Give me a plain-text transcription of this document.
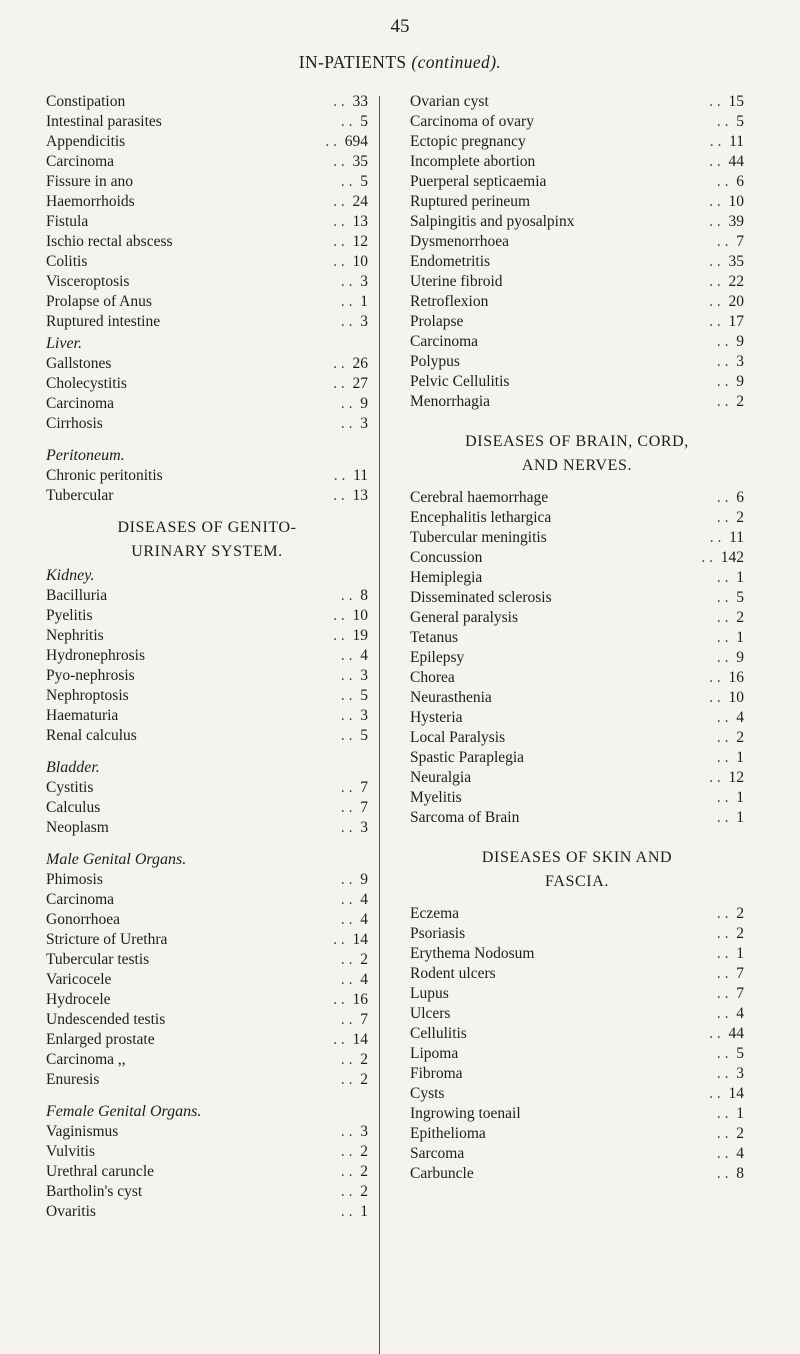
45
IN-PATIENTS (continued).
Constipation	. . 33
Intestinal parasites	. . 5
Appendicitis	. . 694
Carcinoma	. . 35
Fissure in ano	. . 5
Haemorrhoids	. . 24
Fistula	. . 13
Ischio rectal abscess	. . 12
Colitis	. . 10
Visceroptosis	. . 3
Prolapse of Anus	. . 1
Ruptured intestine	. . 3
Liver.
Gallstones	. . 26
Cholecystitis	. . 27
Carcinoma	. . 9
Cirrhosis	. . 3
Peritoneum.
Chronic peritonitis	. . 11
Tubercular	. . 13
DISEASES OF GENITO-
URINARY SYSTEM.
Kidney.
Bacilluria	. . 8
Pyelitis	. . 10
Nephritis	. . 19
Hydronephrosis	. . 4
Pyo-nephrosis	. . 3
Nephroptosis	. . 5
Haematuria	. . 3
Renal calculus	. . 5
Bladder.
Cystitis	. . 7
Calculus	. . 7
Neoplasm	. . 3
Male Genital Organs.
Phimosis	. . 9
Carcinoma	. . 4
Gonorrhoea	. . 4
Stricture of Urethra	. . 14
Tubercular testis	. . 2
Varicocele	. . 4
Hydrocele	. . 16
Undescended testis	. . 7
Enlarged prostate	. . 14
Carcinoma ,,	. . 2
Enuresis	. . 2
Female Genital Organs.
Vaginismus	. . 3
Vulvitis	. . 2
Urethral caruncle	. . 2
Bartholin's cyst	. . 2
Ovaritis	. . 1
Ovarian cyst	. . 15
Carcinoma of ovary	. . 5
Ectopic pregnancy	. . 11
Incomplete abortion	. . 44
Puerperal septicaemia	. . 6
Ruptured perineum	. . 10
Salpingitis and pyosalpinx	. . 39
Dysmenorrhoea	. . 7
Endometritis	. . 35
Uterine fibroid	. . 22
Retroflexion	. . 20
Prolapse	. . 17
Carcinoma	. . 9
Polypus	. . 3
Pelvic Cellulitis	. . 9
Menorrhagia	. . 2
DISEASES OF BRAIN, CORD,
AND NERVES.
Cerebral haemorrhage	. . 6
Encephalitis lethargica	. . 2
Tubercular meningitis	. . 11
Concussion	. . 142
Hemiplegia	. . 1
Disseminated sclerosis	. . 5
General paralysis	. . 2
Tetanus	. . 1
Epilepsy	. . 9
Chorea	. . 16
Neurasthenia	. . 10
Hysteria	. . 4
Local Paralysis	. . 2
Spastic Paraplegia	. . 1
Neuralgia	. . 12
Myelitis	. . 1
Sarcoma of Brain	. . 1
DISEASES OF SKIN AND
FASCIA.
Eczema	. . 2
Psoriasis	. . 2
Erythema Nodosum	. . 1
Rodent ulcers	. . 7
Lupus	. . 7
Ulcers	. . 4
Cellulitis	. . 44
Lipoma	. . 5
Fibroma	. . 3
Cysts	. . 14
Ingrowing toenail	. . 1
Epithelioma	. . 2
Sarcoma	. . 4
Carbuncle	. . 8
